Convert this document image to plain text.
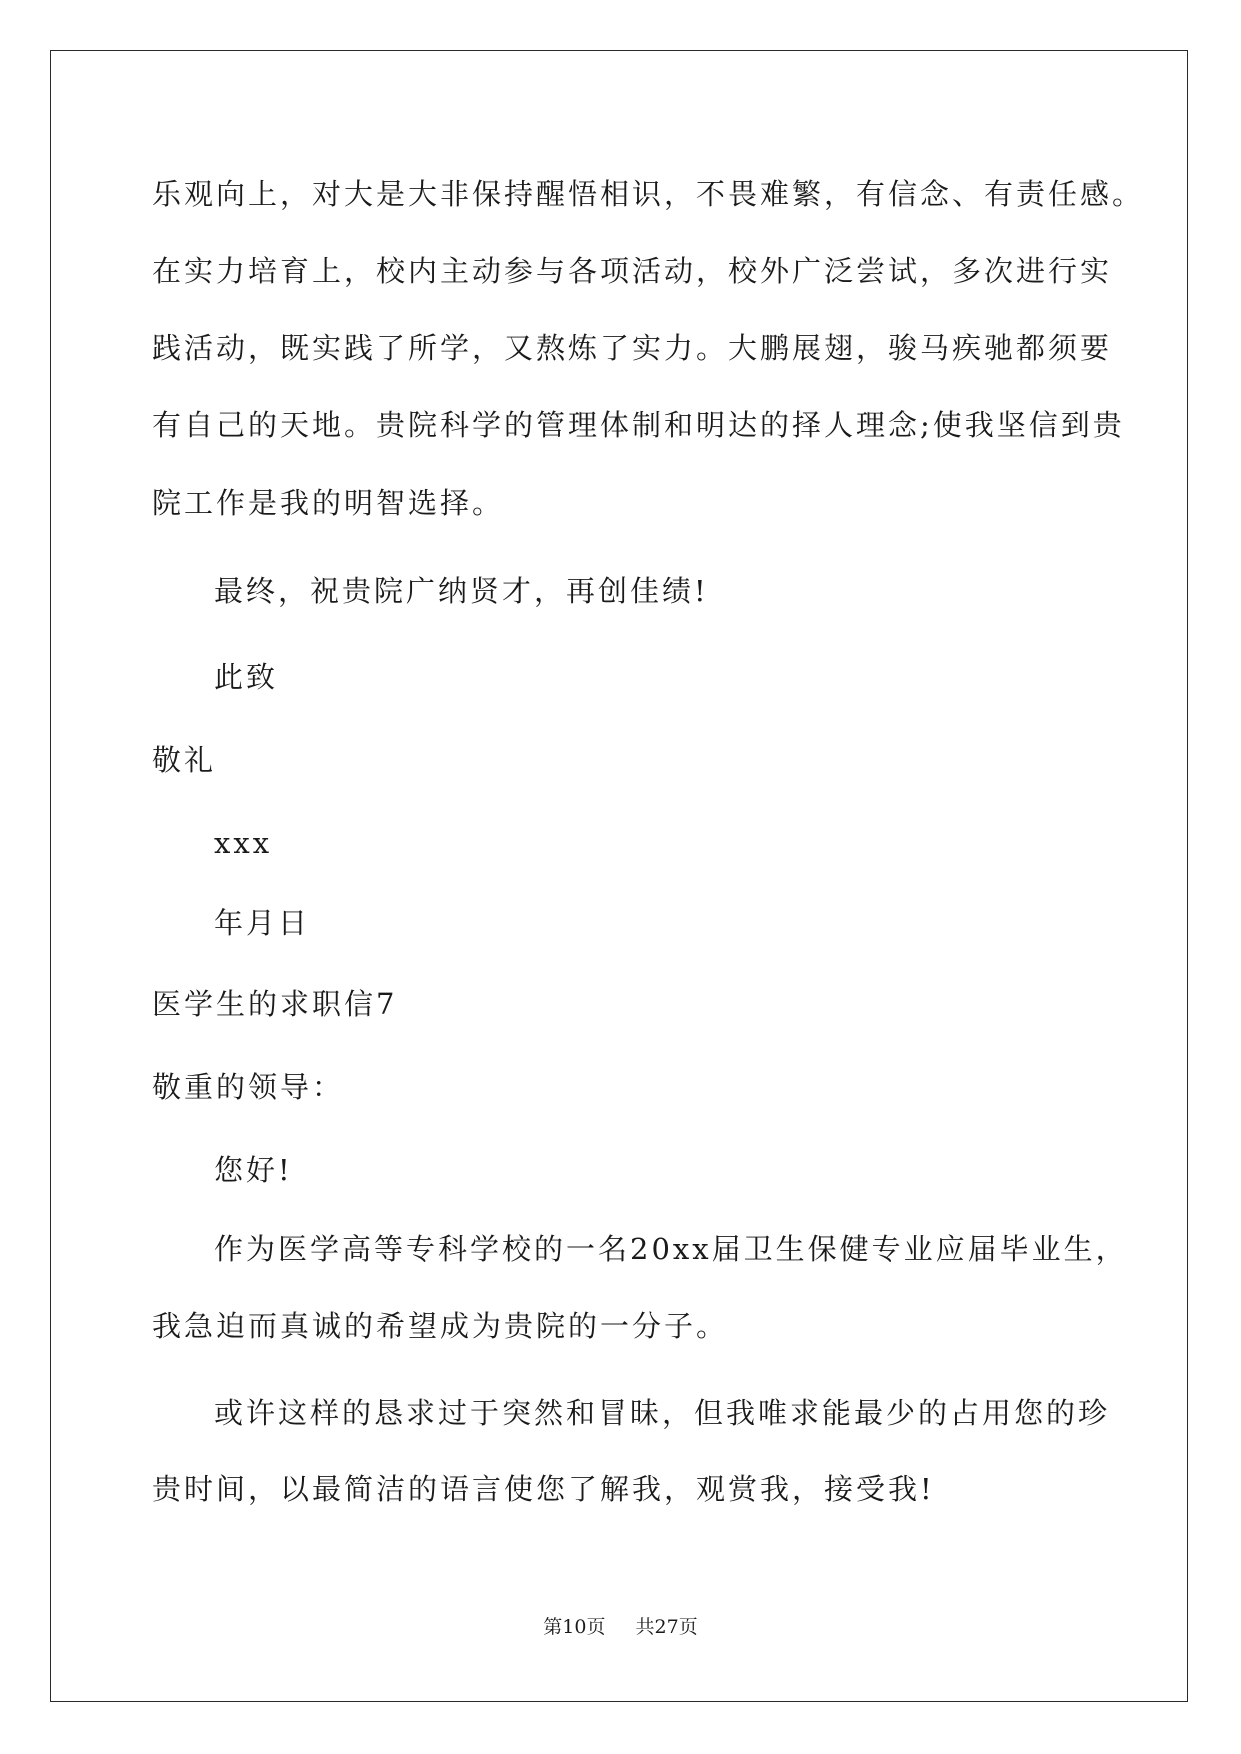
乐观向上，对大是大非保持醒悟相识，不畏难繁，有信念、有责任感。
在实力培育上，校内主动参与各项活动，校外广泛尝试，多次进行实
践活动，既实践了所学，又熬炼了实力。大鹏展翅，骏马疾驰都须要
有自己的天地。贵院科学的管理体制和明达的择人理念;使我坚信到贵
院工作是我的明智选择。
最终，祝贵院广纳贤才，再创佳绩!
此致
敬礼
xxx
年月日
医学生的求职信7
敬重的领导：
您好!
作为医学高等专科学校的一名20xx届卫生保健专业应届毕业生，
我急迫而真诚的希望成为贵院的一分子。
或许这样的恳求过于突然和冒昧，但我唯求能最少的占用您的珍
贵时间，以最简洁的语言使您了解我，观赏我，接受我!
第10页 共27页
